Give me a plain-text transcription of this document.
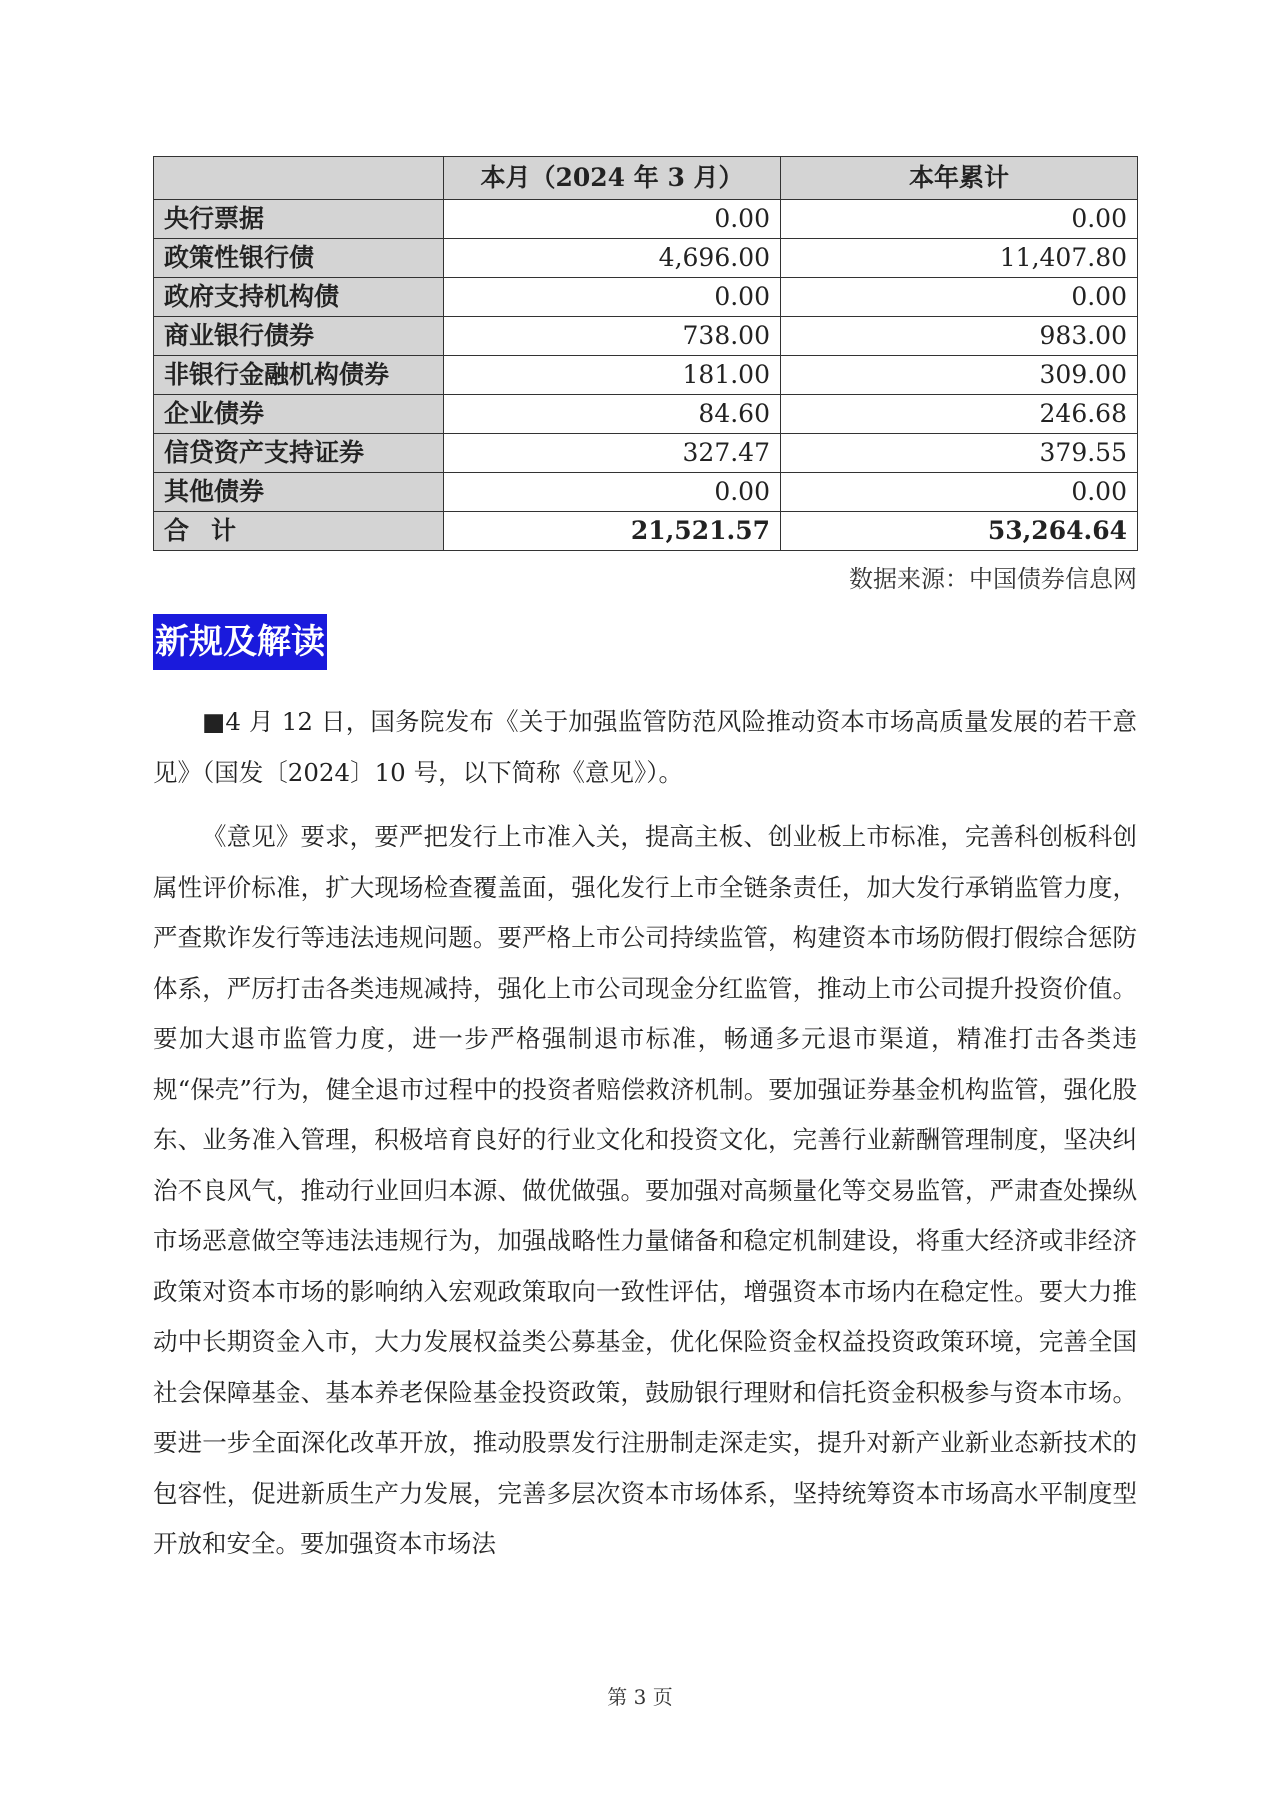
	本月（2024 年 3 月）	本年累计
央行票据	0.00	0.00
政策性银行债	4,696.00	11,407.80
政府支持机构债	0.00	0.00
商业银行债券	738.00	983.00
非银行金融机构债券	181.00	309.00
企业债券	84.60	246.68
信贷资产支持证券	327.47	379.55
其他债券	0.00	0.00
合计	21,521.57	53,264.64
数据来源：中国债券信息网
新规及解读

■4 月 12 日，国务院发布《关于加强监管防范风险推动资本市场高质量发展的若干意见》（国发〔2024〕10 号，以下简称《意见》）。

《意见》要求，要严把发行上市准入关，提高主板、创业板上市标准，完善科创板科创属性评价标准，扩大现场检查覆盖面，强化发行上市全链条责任，加大发行承销监管力度，严查欺诈发行等违法违规问题。要严格上市公司持续监管，构建资本市场防假打假综合惩防体系，严厉打击各类违规减持，强化上市公司现金分红监管，推动上市公司提升投资价值。要加大退市监管力度，进一步严格强制退市标准，畅通多元退市渠道，精准打击各类违规“保壳”行为，健全退市过程中的投资者赔偿救济机制。要加强证券基金机构监管，强化股东、业务准入管理，积极培育良好的行业文化和投资文化，完善行业薪酬管理制度，坚决纠治不良风气，推动行业回归本源、做优做强。要加强对高频量化等交易监管，严肃查处操纵市场恶意做空等违法违规行为，加强战略性力量储备和稳定机制建设，将重大经济或非经济政策对资本市场的影响纳入宏观政策取向一致性评估，增强资本市场内在稳定性。要大力推动中长期资金入市，大力发展权益类公募基金，优化保险资金权益投资政策环境，完善全国社会保障基金、基本养老保险基金投资政策，鼓励银行理财和信托资金积极参与资本市场。要进一步全面深化改革开放，推动股票发行注册制走深走实，提升对新产业新业态新技术的包容性，促进新质生产力发展，完善多层次资本市场体系，坚持统筹资本市场高水平制度型开放和安全。要加强资本市场法

第 3 页
